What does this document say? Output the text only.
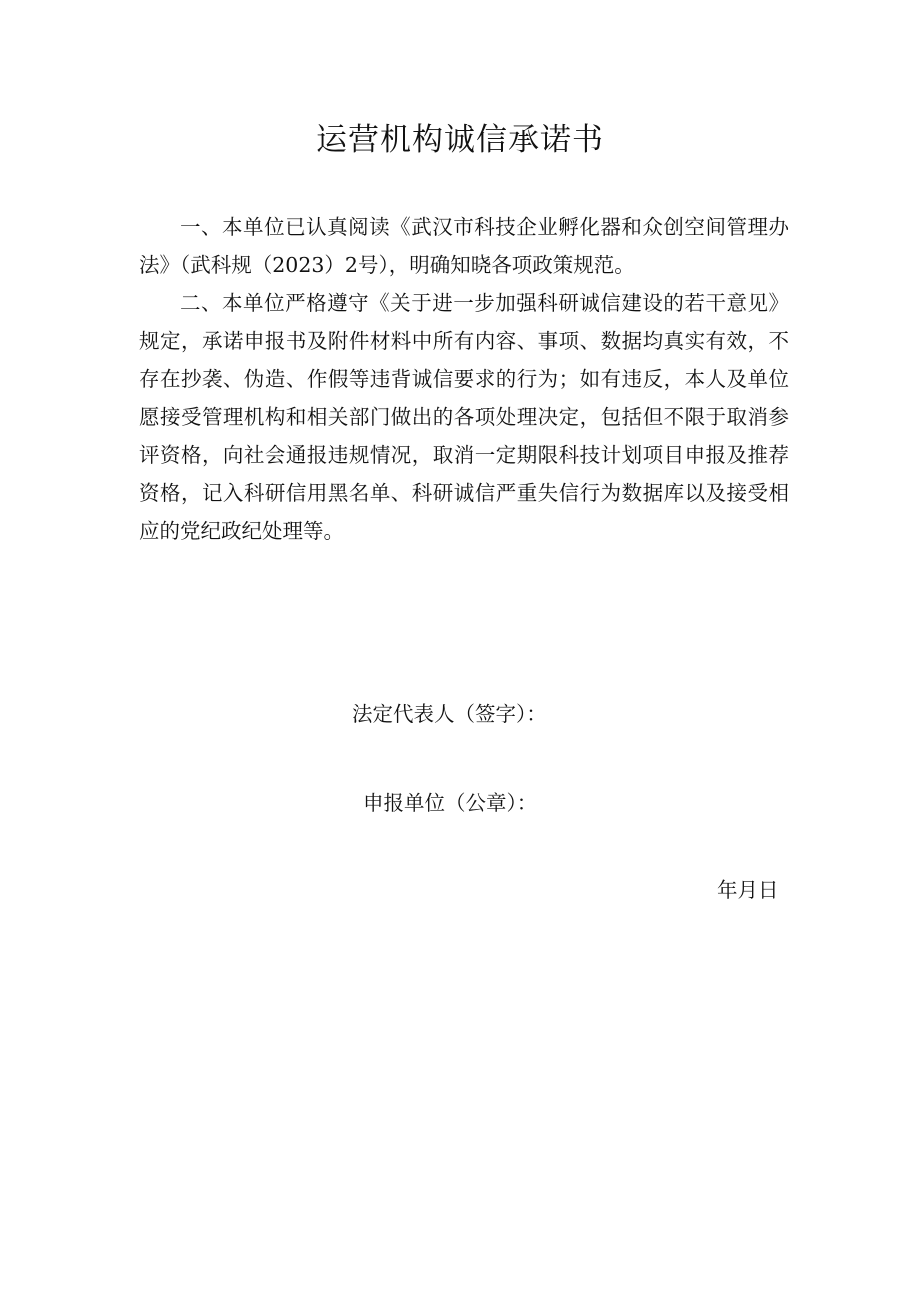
运营机构诚信承诺书

一、本单位已认真阅读《武汉市科技企业孵化器和众创空间管理办法》（武科规（2023）2号），明确知晓各项政策规范。

二、本单位严格遵守《关于进一步加强科研诚信建设的若干意见》规定，承诺申报书及附件材料中所有内容、事项、数据均真实有效，不存在抄袭、伪造、作假等违背诚信要求的行为；如有违反，本人及单位愿接受管理机构和相关部门做出的各项处理决定，包括但不限于取消参评资格，向社会通报违规情况，取消一定期限科技计划项目申报及推荐资格，记入科研信用黑名单、科研诚信严重失信行为数据库以及接受相应的党纪政纪处理等。

法定代表人（签字）：

申报单位（公章）：

年月日
